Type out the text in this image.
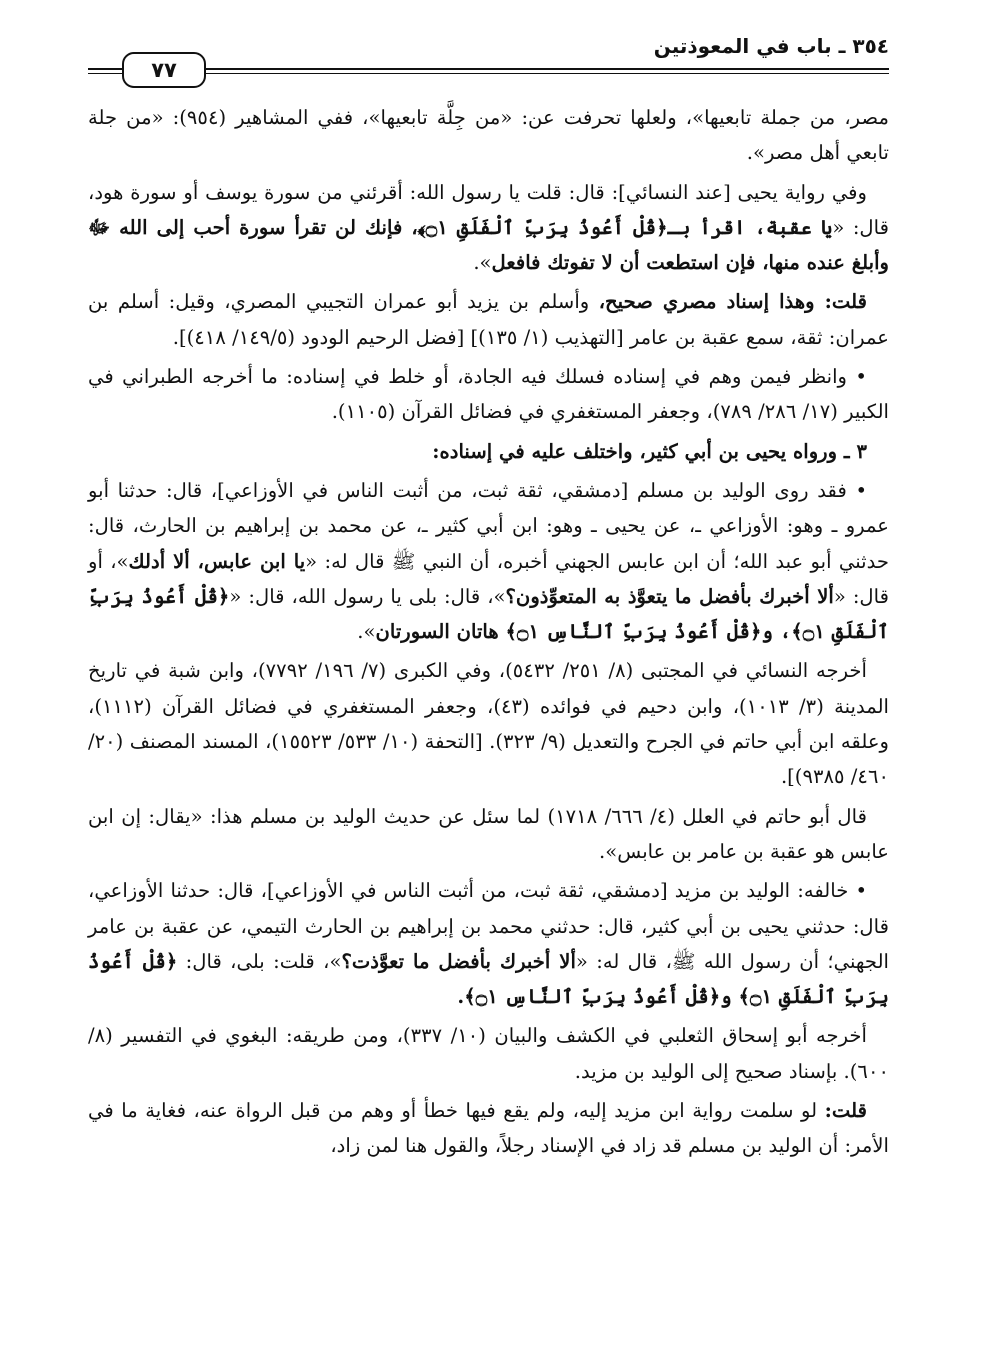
٣٥٤ ـ باب في المعوذتين
٧٧

مصر، من جملة تابعيها»، ولعلها تحرفت عن: «من جِلَّة تابعيها»، ففي المشاهير (٩٥٤): «من جلة تابعي أهل مصر».

وفي رواية يحيى [عند النسائي]: قال: قلت يا رسول الله: أقرئني من سورة يوسف أو سورة هود، قال: «يا عقبة، اقرأ بـ﴿قُلْ أَعُوذُ بِرَبِّ ٱلْفَلَقِ ۝١﴾، فإنك لن تقرأ سورة أحب إلى الله ﷻ وأبلغ عنده منها، فإن استطعت أن لا تفوتك فافعل».

قلت: وهذا إسناد مصري صحيح، وأسلم بن يزيد أبو عمران التجيبي المصري، وقيل: أسلم بن عمران: ثقة، سمع عقبة بن عامر [التهذيب (١/ ١٣٥)] [فضل الرحيم الودود (١٤٩/٥/ ٤١٨)].

• وانظر فيمن وهم في إسناده فسلك فيه الجادة، أو خلط في إسناده: ما أخرجه الطبراني في الكبير (١٧/ ٢٨٦/ ٧٨٩)، وجعفر المستغفري في فضائل القرآن (١١٠٥).

٣ ـ ورواه يحيى بن أبي كثير، واختلف عليه في إسناده:

• فقد روى الوليد بن مسلم [دمشقي، ثقة ثبت، من أثبت الناس في الأوزاعي]، قال: حدثنا أبو عمرو ـ وهو: الأوزاعي ـ، عن يحيى ـ وهو: ابن أبي كثير ـ، عن محمد بن إبراهيم بن الحارث، قال: حدثني أبو عبد الله؛ أن ابن عابس الجهني أخبره، أن النبي ﷺ قال له: «يا ابن عابس، ألا أدلك»، أو قال: «ألا أخبرك بأفضل ما يتعوَّذ به المتعوِّذون؟»، قال: بلى يا رسول الله، قال: «﴿قُلْ أَعُوذُ بِرَبِّ ٱلْفَلَقِ ۝١﴾، و﴿قُلْ أَعُوذُ بِرَبِّ ٱلنَّاسِ ۝١﴾ هاتان السورتان».

أخرجه النسائي في المجتبى (٨/ ٢٥١/ ٥٤٣٢)، وفي الكبرى (٧/ ١٩٦/ ٧٧٩٢)، وابن شبة في تاريخ المدينة (٣/ ١٠١٣)، وابن دحيم في فوائده (٤٣)، وجعفر المستغفري في فضائل القرآن (١١١٢)، وعلقه ابن أبي حاتم في الجرح والتعديل (٩/ ٣٢٣). [التحفة (١٠/ ٥٣٣/ ١٥٥٢٣)، المسند المصنف (٢٠/ ٤٦٠/ ٩٣٨٥)].

قال أبو حاتم في العلل (٤/ ٦٦٦/ ١٧١٨) لما سئل عن حديث الوليد بن مسلم هذا: «يقال: إن ابن عابس هو عقبة بن عامر بن عابس».

• خالفه: الوليد بن مزيد [دمشقي، ثقة ثبت، من أثبت الناس في الأوزاعي]، قال: حدثنا الأوزاعي، قال: حدثني يحيى بن أبي كثير، قال: حدثني محمد بن إبراهيم بن الحارث التيمي، عن عقبة بن عامر الجهني؛ أن رسول الله ﷺ، قال له: «ألا أخبرك بأفضل ما تعوَّذت؟»، قلت: بلى، قال: ﴿قُلْ أَعُوذُ بِرَبِّ ٱلْفَلَقِ ۝١﴾ و﴿قُلْ أَعُوذُ بِرَبِّ ٱلنَّاسِ ۝١﴾.

أخرجه أبو إسحاق الثعلبي في الكشف والبيان (١٠/ ٣٣٧)، ومن طريقه: البغوي في التفسير (٨/ ٦٠٠). بإسناد صحيح إلى الوليد بن مزيد.

قلت: لو سلمت رواية ابن مزيد إليه، ولم يقع فيها خطأ أو وهم من قبل الرواة عنه، فغاية ما في الأمر: أن الوليد بن مسلم قد زاد في الإسناد رجلاً، والقول هنا لمن زاد،
